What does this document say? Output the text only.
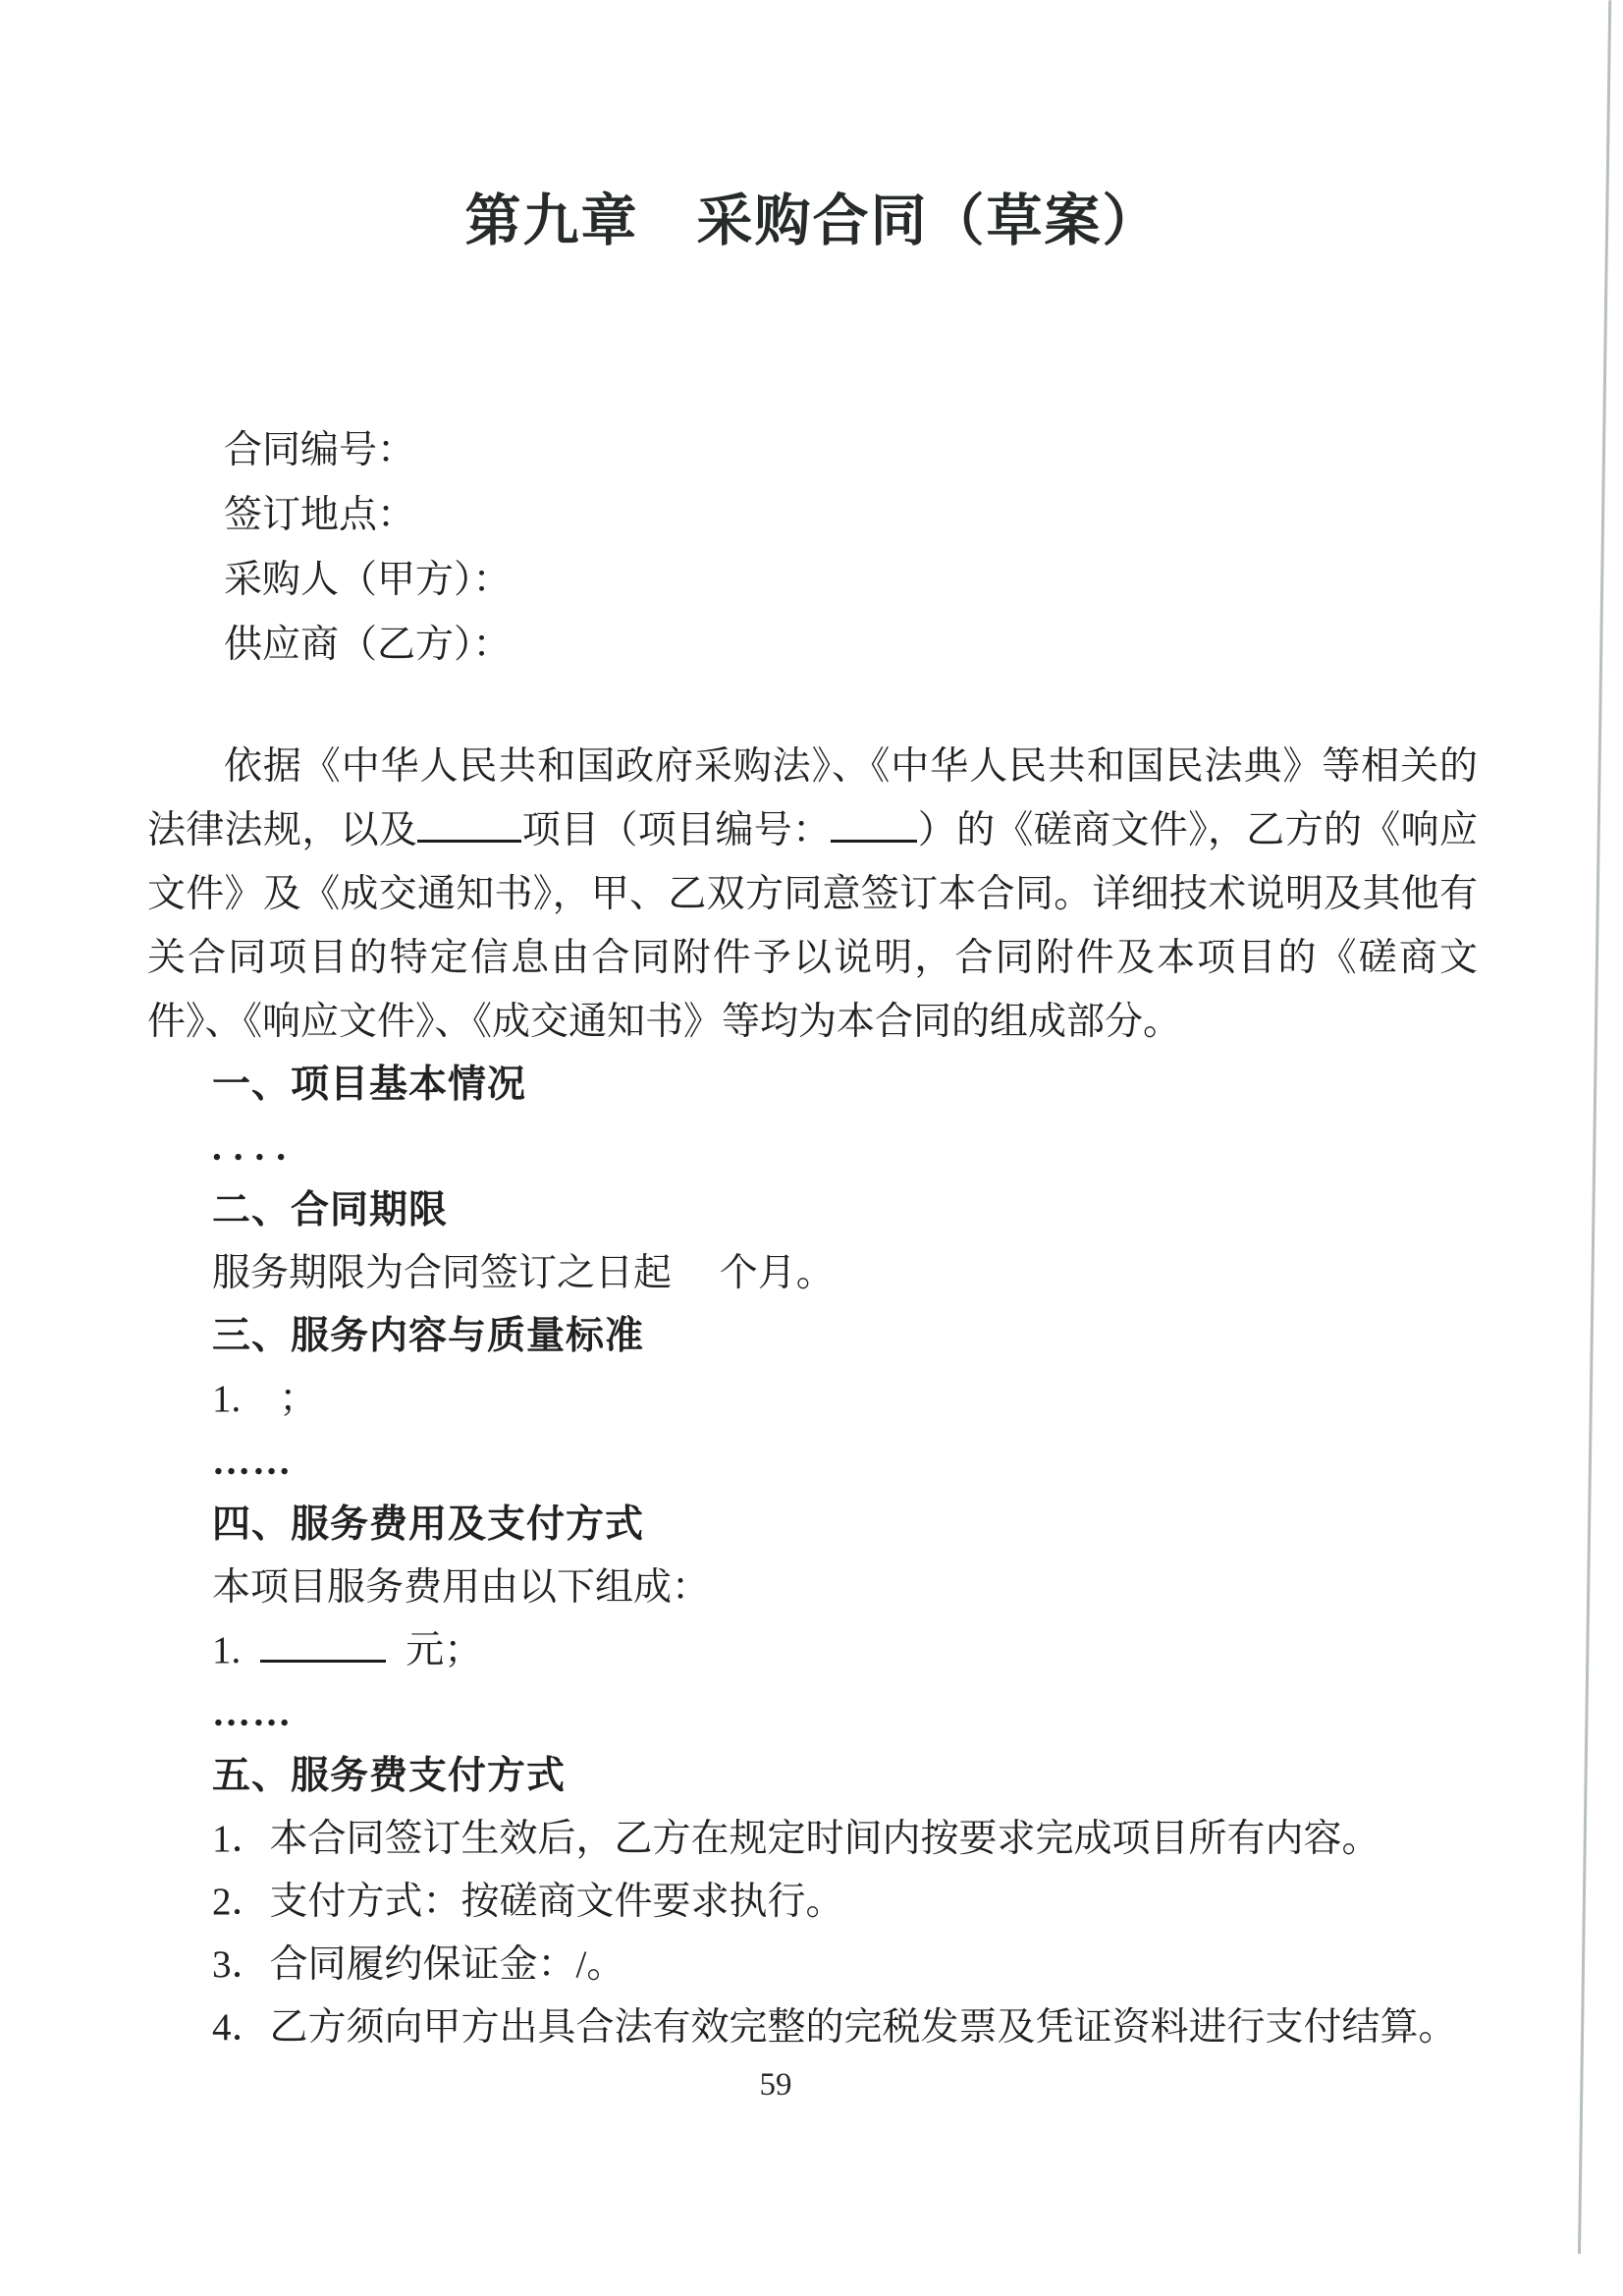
第九章　采购合同（草案）
合同编号：
签订地点：
采购人（甲方）：
供应商（乙方）：

依据《中华人民共和国政府采购法》、《中华人民共和国民法典》等相关的法律法规，以及	项目（项目编号： ）的《磋商文件》，乙方的《响应文件》及《成交通知书》，甲、乙双方同意签订本合同。详细技术说明及其他有关合同项目的特定信息由合同附件予以说明，合同附件及本项目的《磋商文件》、《响应文件》、《成交通知书》等均为本合同的组成部分。

一、项目基本情况
....
二、合同期限
服务期限为合同签订之日起　 个月。
三、服务内容与质量标准
1.　；
……
四、服务费用及支付方式
本项目服务费用由以下组成：
1.	元；
……
五、服务费支付方式
1．本合同签订生效后，乙方在规定时间内按要求完成项目所有内容。
2．支付方式：按磋商文件要求执行。
3．合同履约保证金：/。
4．乙方须向甲方出具合法有效完整的完税发票及凭证资料进行支付结算。
59
